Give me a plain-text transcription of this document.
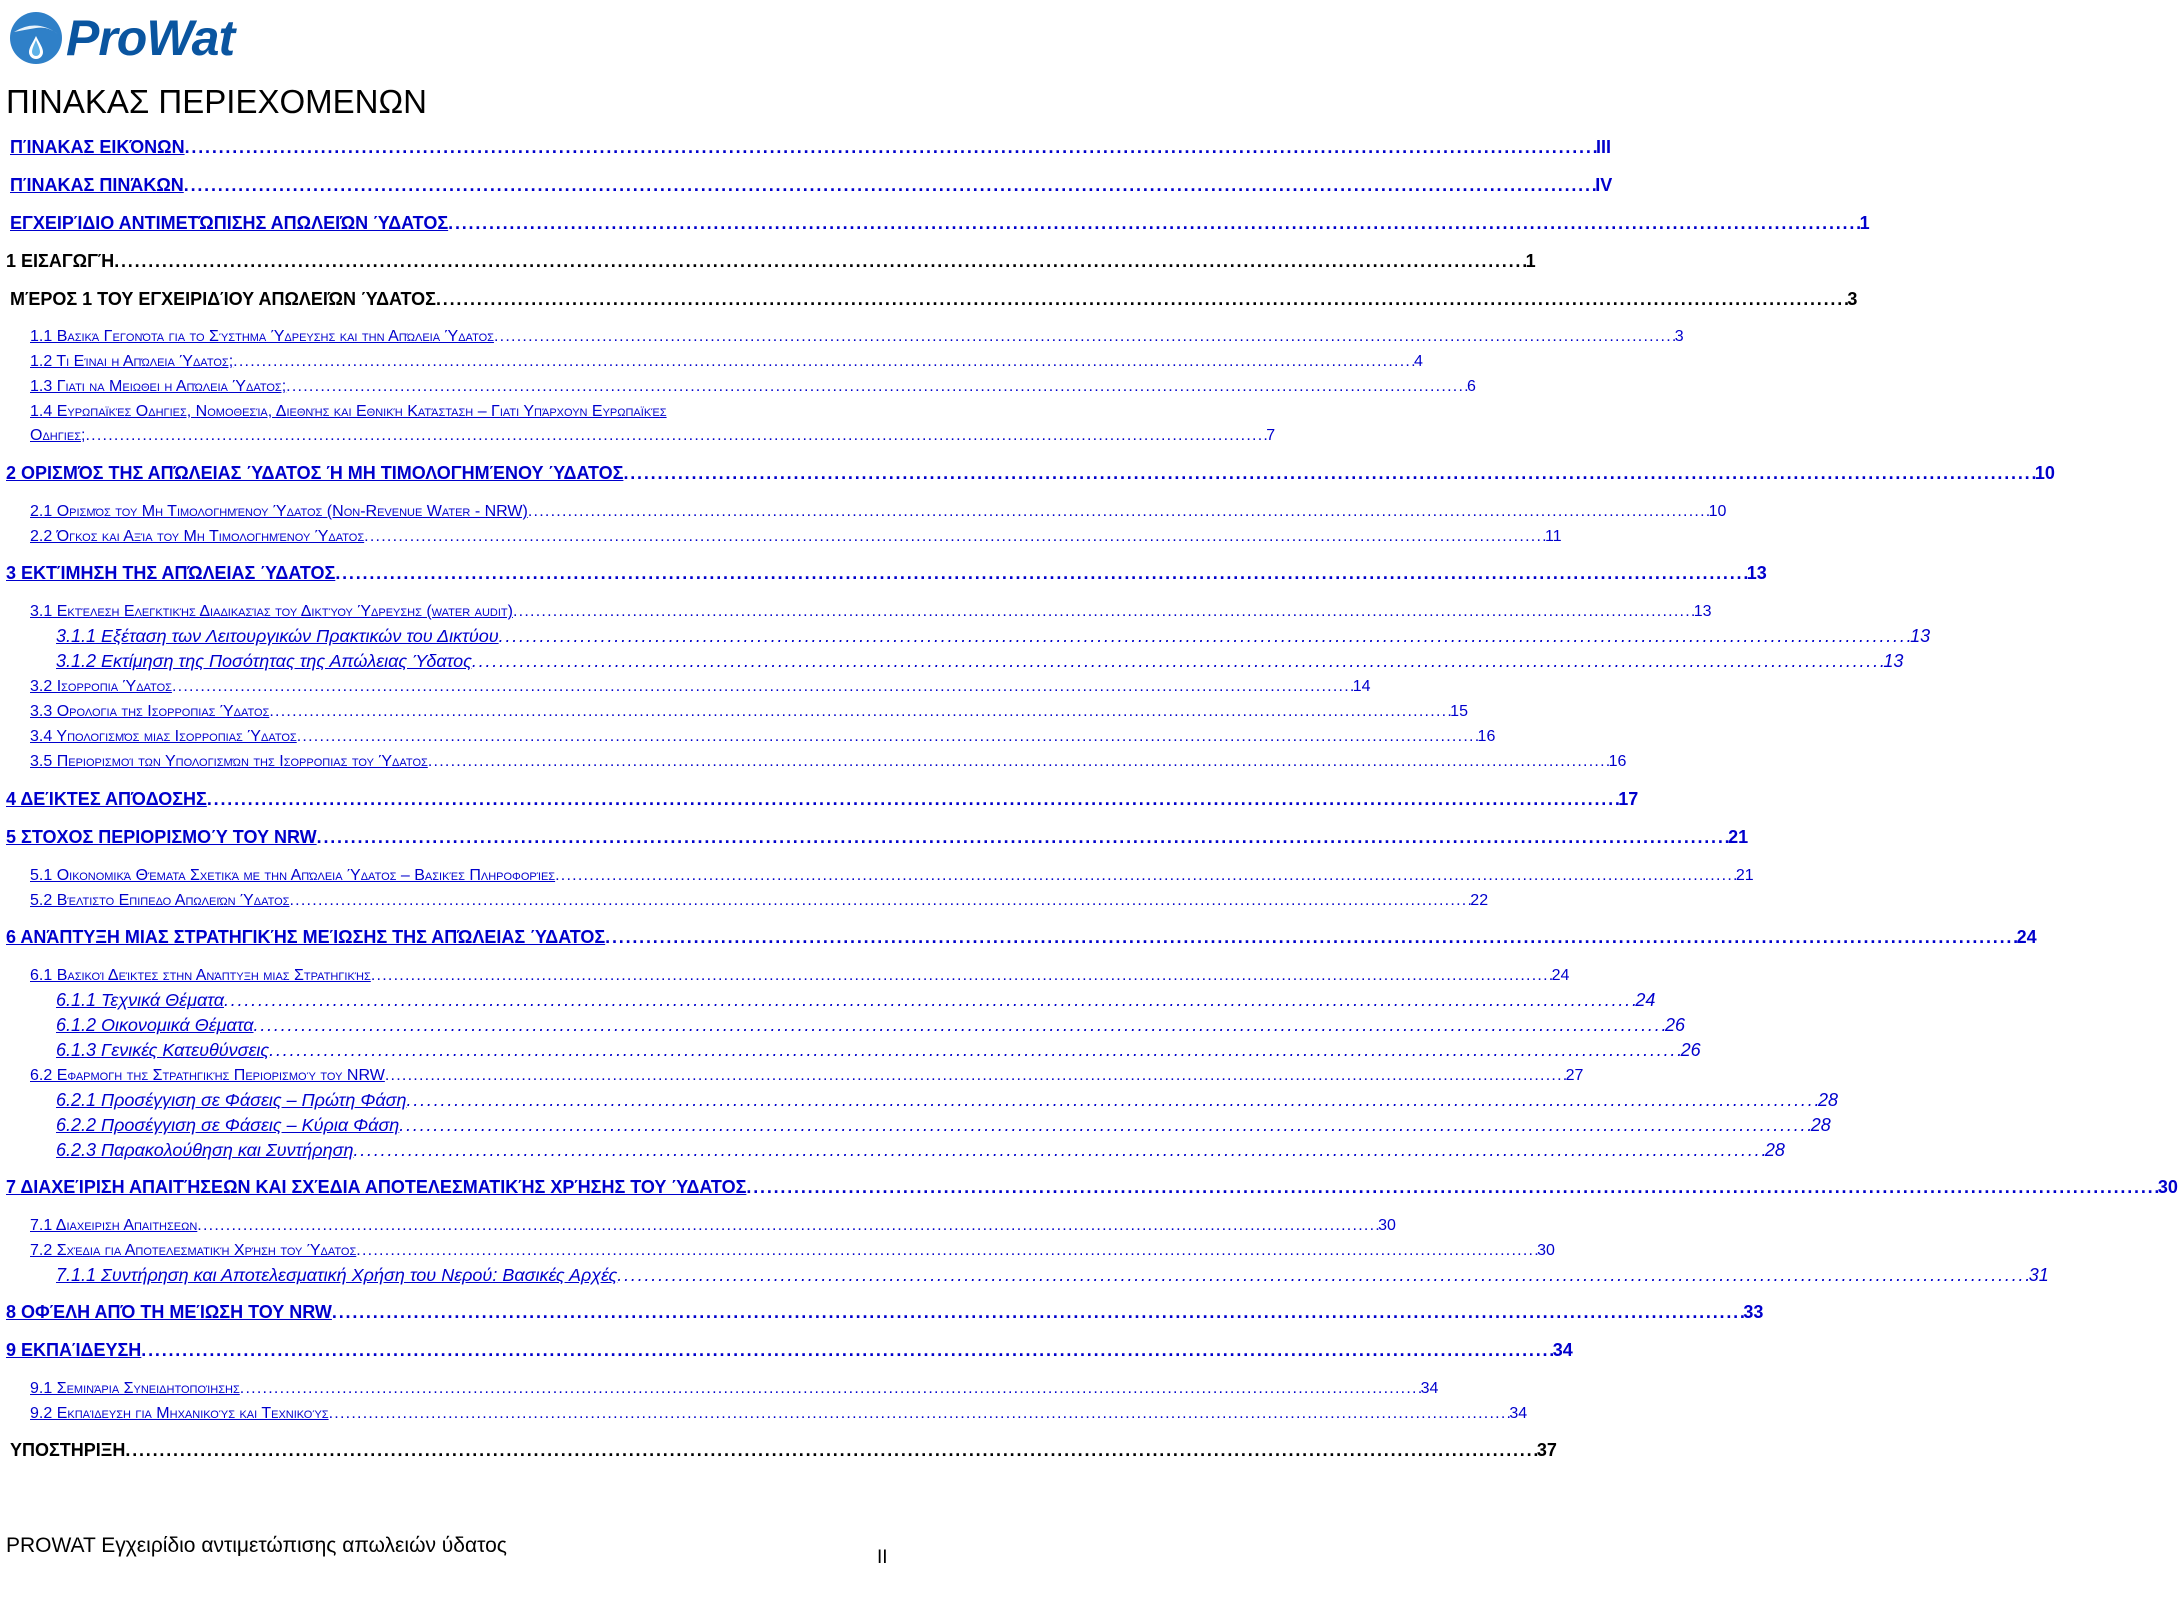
ProWat
ΠΙΝΑΚΑΣ ΠΕΡΙΕΧΟΜΕΝΩΝ
ΠΊΝΑΚΑΣ ΕΙΚΌΝΩΝ . . .	III
ΠΊΝΑΚΑΣ ΠΙΝΆΚΩΝ . . .	IV
ΕΓΧΕΙΡΊΔΙΟ ΑΝΤΙΜΕΤΏΠΙΣΗΣ ΑΠΩΛΕΙΏΝ ΎΔΑΤΟΣ . . .	1
1 ΕΙΣΑΓΩΓΉ . . .	1
ΜΈΡΟΣ 1 ΤΟΥ ΕΓΧΕΙΡΙΔΊΟΥ ΑΠΩΛΕΙΏΝ ΎΔΑΤΟΣ . . .	3
1.1 Βασικά Γεγονότα για το Σύστημα Ύδρευσης και την Απώλεια Ύδατος . . .	3
1.2 Τι Είναι η Απώλεια Ύδατος; . . .	4
1.3 Γιατι να Μειωθει η Απώλεια Ύδατος; . . .	6
1.4 Ευρωπαϊκές Οδηγιες, Νομοθεσία, Διεθνής και Εθνική Κατάσταση – Γιατι Υπάρχουν Ευρωπαϊκές
Οδηγιες; . . .	7
2 ΟΡΙΣΜΌΣ ΤΗΣ ΑΠΏΛΕΙΑΣ ΎΔΑΤΟΣ Ή ΜΗ ΤΙΜΟΛΟΓΗΜΈΝΟΥ ΎΔΑΤΟΣ . . .	10
2.1 Ορισμός του Μη Τιμολογημένου Ύδατος (Non-Revenue Water - NRW) . . .	10
2.2 Όγκος και Αξία του Μη Τιμολογημένου Ύδατος . . .	11
3 ΕΚΤΊΜΗΣΗ ΤΗΣ ΑΠΏΛΕΙΑΣ ΎΔΑΤΟΣ . . .	13
3.1 Εκτέλεση Ελεγκτικής Διαδικασίας του Δικτύου Ύδρευσης (water audit) . . .	13
3.1.1 Εξέταση των Λειτουργικών Πρακτικών του Δικτύου . . .	13
3.1.2 Εκτίμηση της Ποσότητας της Απώλειας Ύδατος . . .	13
3.2 Ισορροπια Ύδατος . . .	14
3.3 Ορολογια της Ισορροπιας Ύδατος . . .	15
3.4 Υπολογισμός μιας Ισορροπιας Ύδατος . . .	16
3.5 Περιορισμοί των Υπολογισμών της Ισορροπιας του Ύδατος . . .	16
4 ΔΕΊΚΤΕΣ ΑΠΌΔΟΣΗΣ . . .	17
5 ΣΤΟΧΟΣ ΠΕΡΙΟΡΙΣΜΟΎ ΤΟΥ NRW . . .	21
5.1 Οικονομικά Θέματα Σχετικά με την Απώλεια Ύδατος – Βασικές Πληροφορίες . . .	21
5.2 Βέλτιστο Επιπεδο Απωλειών Ύδατος . . .	22
6 ΑΝΆΠΤΥΞΗ ΜΙΑΣ ΣΤΡΑΤΗΓΙΚΉΣ ΜΕΊΩΣΗΣ ΤΗΣ ΑΠΏΛΕΙΑΣ ΎΔΑΤΟΣ . . .	24
6.1 Βασικοί Δείκτες στην Ανάπτυξη μιας Στρατηγικής . . .	24
6.1.1 Τεχνικά Θέματα . . .	24
6.1.2 Οικονομικά Θέματα . . .	26
6.1.3 Γενικές Κατευθύνσεις . . .	26
6.2 Εφαρμογη της Στρατηγικής Περιορισμού του NRW . . .	27
6.2.1 Προσέγγιση σε Φάσεις – Πρώτη Φάση . . .	28
6.2.2 Προσέγγιση σε Φάσεις – Κύρια Φάση . . .	28
6.2.3 Παρακολούθηση και Συντήρηση . . .	28
7 ΔΙΑΧΕΊΡΙΣΗ ΑΠΑΙΤΉΣΕΩΝ ΚΑΙ ΣΧΈΔΙΑ ΑΠΟΤΕΛΕΣΜΑΤΙΚΉΣ ΧΡΉΣΗΣ ΤΟΥ ΎΔΑΤΟΣ . . .	30
7.1 Διαχειριση Απαιτησεων . . .	30
7.2 Σχέδια για Αποτελεσματική Χρήση του Ύδατος . . .	30
7.1.1 Συντήρηση και Αποτελεσματική Χρήση του Νερού: Βασικές Αρχές . . .	31
8 ΟΦΈΛΗ ΑΠΌ ΤΗ ΜΕΊΩΣΗ ΤΟΥ NRW . . .	33
9 ΕΚΠΑΊΔΕΥΣΗ . . .	34
9.1 Σεμινάρια Συνειδητοποίησης . . .	34
9.2 Εκπαίδευση για Μηχανικούς και Τεχνικούς . . .	34
ΥΠΟΣΤΗΡΙΞΗ . . .	37
PROWAT Εγχειρίδιο αντιμετώπισης απωλειών ύδατος
II
